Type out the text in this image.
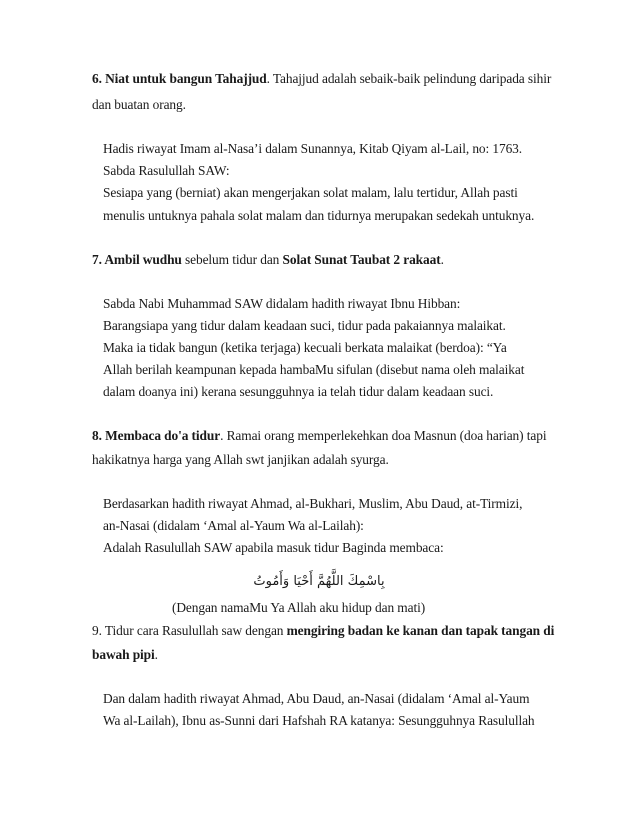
6. Niat untuk bangun Tahajjud. Tahajjud adalah sebaik-baik pelindung daripada sihir
dan buatan orang.
Hadis riwayat Imam al-Nasa’i dalam Sunannya, Kitab Qiyam al-Lail, no: 1763.
Sabda Rasulullah SAW:
Sesiapa yang (berniat) akan mengerjakan solat malam, lalu tertidur, Allah pasti
menulis untuknya pahala solat malam dan tidurnya merupakan sedekah untuknya.
7. Ambil wudhu sebelum tidur dan Solat Sunat Taubat 2 rakaat.
Sabda Nabi Muhammad SAW didalam hadith riwayat Ibnu Hibban:
Barangsiapa yang tidur dalam keadaan suci, tidur pada pakaiannya malaikat.
Maka ia tidak bangun (ketika terjaga) kecuali berkata malaikat (berdoa): “Ya
Allah berilah keampunan kepada hambaMu sifulan (disebut nama oleh malaikat
dalam doanya ini) kerana sesungguhnya ia telah tidur dalam keadaan suci.
8. Membaca do'a tidur. Ramai orang memperlekehkan doa Masnun (doa harian) tapi
hakikatnya harga yang Allah swt janjikan adalah syurga.
Berdasarkan hadith riwayat Ahmad, al-Bukhari, Muslim, Abu Daud, at-Tirmizi,
an-Nasai (didalam ‘Amal al-Yaum Wa al-Lailah):
Adalah Rasulullah SAW apabila masuk tidur Baginda membaca:
بِاسْمِكَ اللَّهُمَّ أَحْيَا وَأَمُوتُ
(Dengan namaMu Ya Allah aku hidup dan mati)
9. Tidur cara Rasulullah saw dengan mengiring badan ke kanan dan tapak tangan di
bawah pipi.
Dan dalam hadith riwayat Ahmad, Abu Daud, an-Nasai (didalam ‘Amal al-Yaum
Wa al-Lailah), Ibnu as-Sunni dari Hafshah RA katanya: Sesungguhnya Rasulullah
